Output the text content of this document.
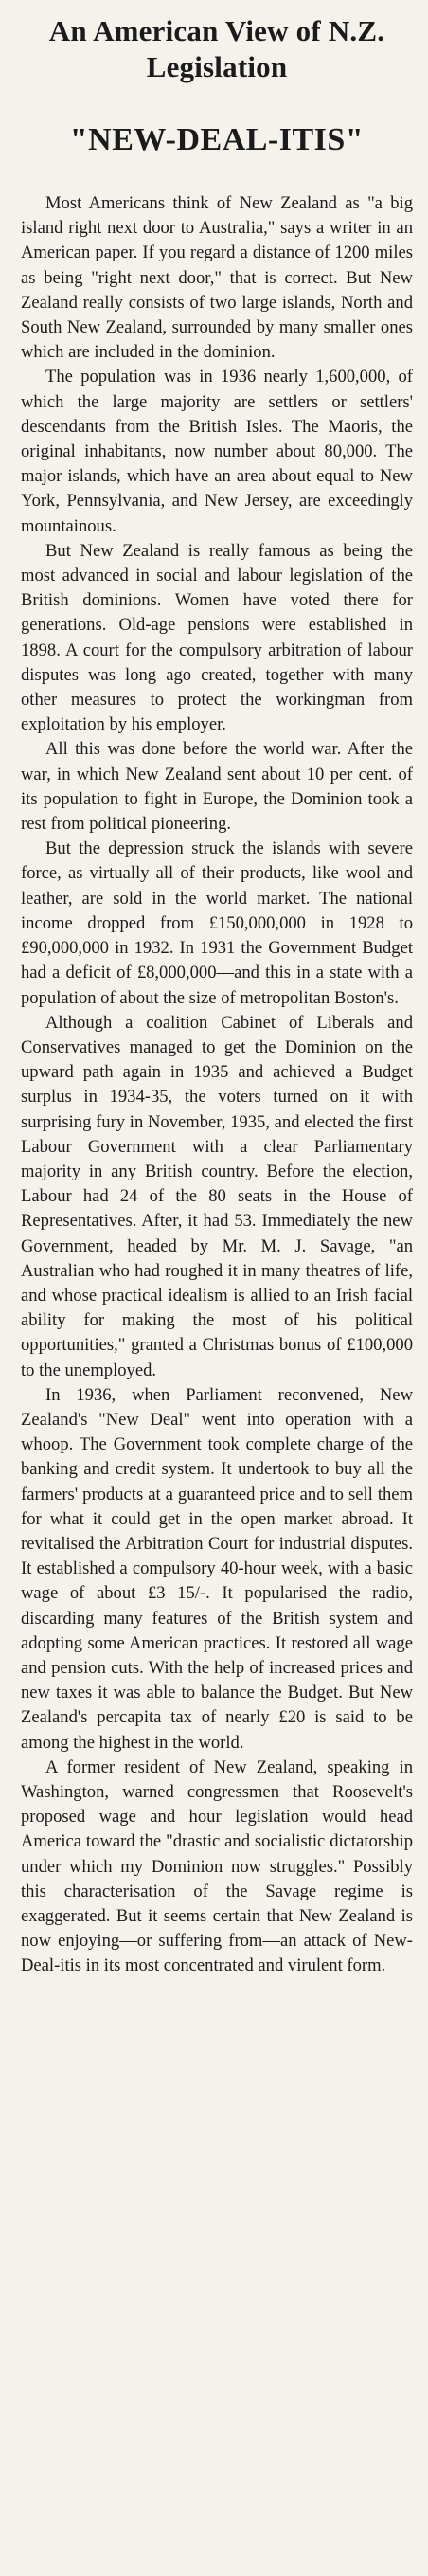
An American View of N.Z. Legislation
"NEW-DEAL-ITIS"

Most Americans think of New Zealand as "a big island right next door to Australia," says a writer in an American paper. If you regard a distance of 1200 miles as being "right next door," that is correct. But New Zealand really consists of two large islands, North and South New Zealand, surrounded by many smaller ones which are included in the dominion.

The population was in 1936 nearly 1,600,000, of which the large majority are settlers or settlers' descendants from the British Isles. The Maoris, the original inhabitants, now number about 80,000. The major islands, which have an area about equal to New York, Pennsylvania, and New Jersey, are exceedingly mountainous.

But New Zealand is really famous as being the most advanced in social and labour legislation of the British dominions. Women have voted there for generations. Old-age pensions were established in 1898. A court for the compulsory arbitration of labour disputes was long ago created, together with many other measures to protect the workingman from exploitation by his employer.

All this was done before the world war. After the war, in which New Zealand sent about 10 per cent. of its population to fight in Europe, the Dominion took a rest from political pioneering.

But the depression struck the islands with severe force, as virtually all of their products, like wool and leather, are sold in the world market. The national income dropped from £150,000,000 in 1928 to £90,000,000 in 1932. In 1931 the Government Budget had a deficit of £8,000,000—and this in a state with a population of about the size of metropolitan Boston's.

Although a coalition Cabinet of Liberals and Conservatives managed to get the Dominion on the upward path again in 1935 and achieved a Budget surplus in 1934-35, the voters turned on it with surprising fury in November, 1935, and elected the first Labour Government with a clear Parliamentary majority in any British country. Before the election, Labour had 24 of the 80 seats in the House of Representatives. After, it had 53. Immediately the new Government, headed by Mr. M. J. Savage, "an Australian who had roughed it in many theatres of life, and whose practical idealism is allied to an Irish facial ability for making the most of his political opportunities," granted a Christmas bonus of £100,000 to the unemployed.

In 1936, when Parliament reconvened, New Zealand's "New Deal" went into operation with a whoop. The Government took complete charge of the banking and credit system. It undertook to buy all the farmers' products at a guaranteed price and to sell them for what it could get in the open market abroad. It revitalised the Arbitration Court for industrial disputes. It established a compulsory 40-hour week, with a basic wage of about £3 15/-. It popularised the radio, discarding many features of the British system and adopting some American practices. It restored all wage and pension cuts. With the help of increased prices and new taxes it was able to balance the Budget. But New Zealand's percapita tax of nearly £20 is said to be among the highest in the world.

A former resident of New Zealand, speaking in Washington, warned congressmen that Roosevelt's proposed wage and hour legislation would head America toward the "drastic and socialistic dictatorship under which my Dominion now struggles." Possibly this characterisation of the Savage regime is exaggerated. But it seems certain that New Zealand is now enjoying—or suffering from—an attack of New-Deal-itis in its most concentrated and virulent form.
